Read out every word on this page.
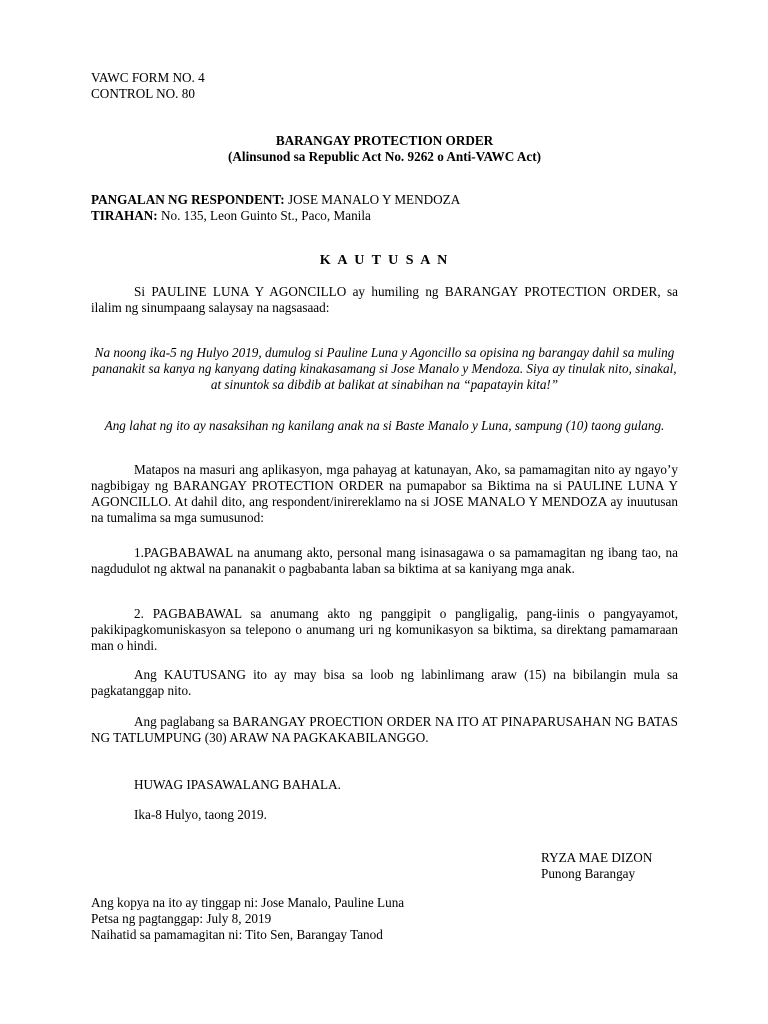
VAWC FORM NO. 4
CONTROL NO. 80
BARANGAY PROTECTION ORDER
(Alinsunod sa Republic Act No. 9262 o Anti-VAWC Act)
PANGALAN NG RESPONDENT: JOSE MANALO Y MENDOZA
TIRAHAN: No. 135, Leon Guinto St., Paco, Manila
K A U T U S A N
Si PAULINE LUNA Y AGONCILLO ay humiling ng BARANGAY PROTECTION ORDER, sa ilalim ng sinumpaang salaysay na nagsasaad:
Na noong ika-5 ng Hulyo 2019, dumulog si Pauline Luna y Agoncillo sa opisina ng barangay dahil sa muling pananakit sa kanya ng kanyang dating kinakasamang si Jose Manalo y Mendoza. Siya ay tinulak nito, sinakal, at sinuntok sa dibdib at balikat at sinabihan na “papatayin kita!”
Ang lahat ng ito ay nasaksihan ng kanilang anak na si Baste Manalo y Luna, sampung (10) taong gulang.
Matapos na masuri ang aplikasyon, mga pahayag at katunayan, Ako, sa pamamagitan nito ay ngayo’y nagbibigay ng BARANGAY PROTECTION ORDER na pumapabor sa Biktima na si PAULINE LUNA Y AGONCILLO. At dahil dito, ang respondent/inirereklamo na si JOSE MANALO Y MENDOZA ay inuutusan na tumalima sa mga sumusunod:
1.PAGBABAWAL na anumang akto, personal mang isinasagawa o sa pamamagitan ng ibang tao, na nagdudulot ng aktwal na pananakit o pagbabanta laban sa biktima at sa kaniyang mga anak.
2. PAGBABAWAL sa anumang akto ng panggipit o pangligalig, pang-iinis o pangyayamot, pakikipagkomuniskasyon sa telepono o anumang uri ng komunikasyon sa biktima, sa direktang pamamaraan man o hindi.
Ang KAUTUSANG ito ay may bisa sa loob ng labinlimang araw (15) na bibilangin mula sa pagkatanggap nito.
Ang paglabang sa BARANGAY PROECTION ORDER NA ITO AT PINAPARUSAHAN NG BATAS NG TATLUMPUNG (30) ARAW NA PAGKAKABILANGGO.
HUWAG IPASAWALANG BAHALA.
Ika-8 Hulyo, taong 2019.
RYZA MAE DIZON
Punong Barangay
Ang kopya na ito ay tinggap ni: Jose Manalo, Pauline Luna
Petsa ng pagtanggap: July 8, 2019
Naihatid sa pamamagitan ni: Tito Sen, Barangay Tanod
